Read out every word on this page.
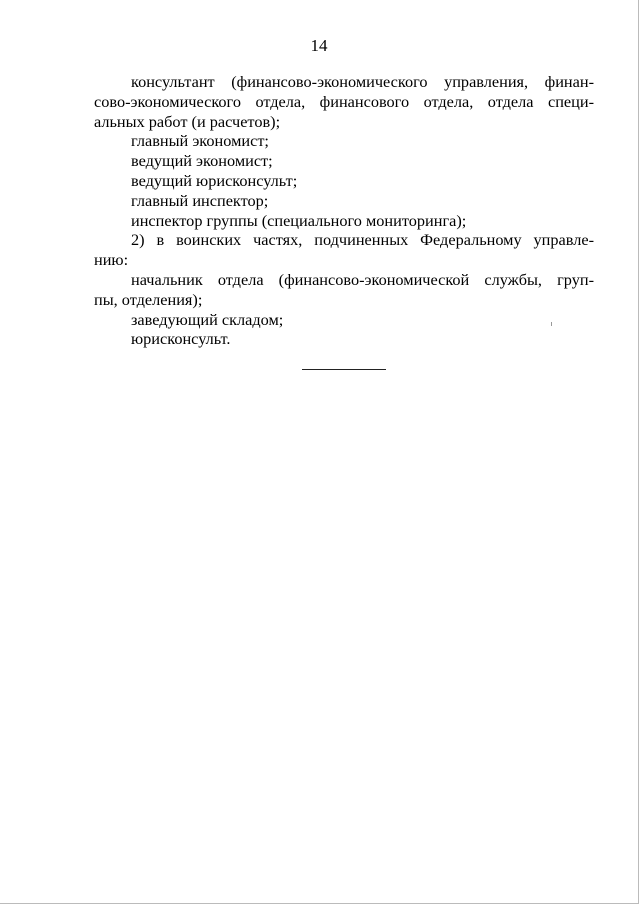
14
консультант (финансово-экономического управления, финан-
сово-экономического отдела, финансового отдела, отдела специ-
альных работ (и расчетов);
главный экономист;
ведущий экономист;
ведущий юрисконсульт;
главный инспектор;
инспектор группы (специального мониторинга);
2) в воинских частях, подчиненных Федеральному управле-
нию:
начальник отдела (финансово-экономической службы, груп-
пы, отделения);
заведующий складом;
юрисконсульт.
